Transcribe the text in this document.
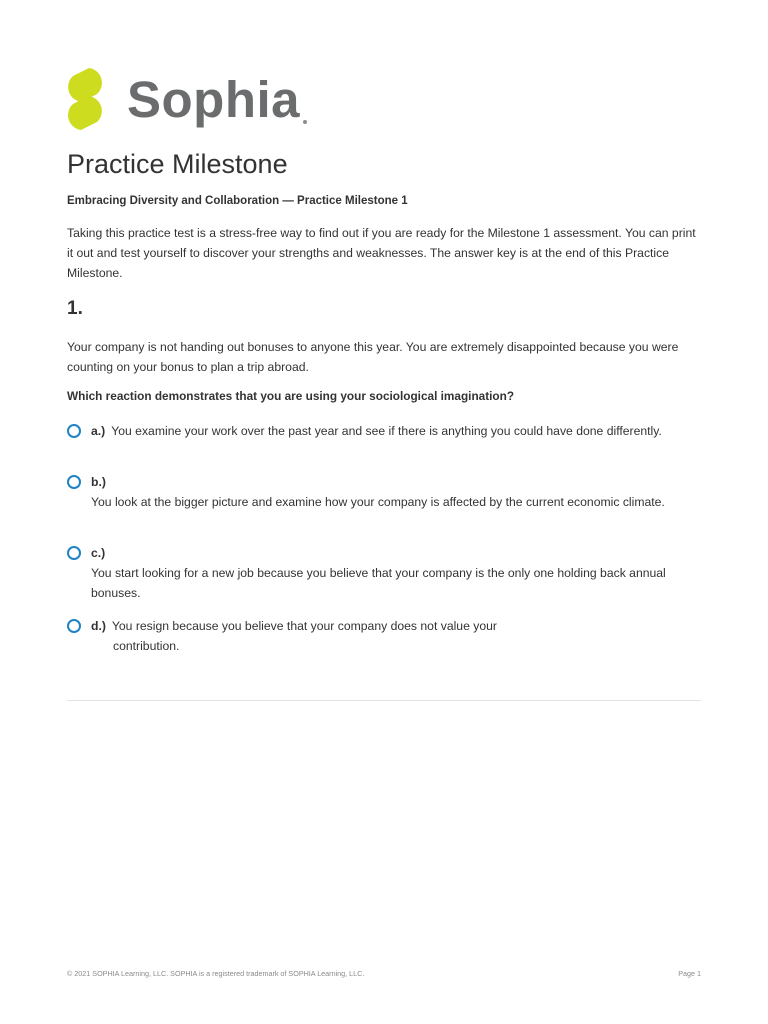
Sophia
Practice Milestone
Embracing Diversity and Collaboration — Practice Milestone 1
Taking this practice test is a stress-free way to find out if you are ready for the Milestone 1 assessment. You can print it out and test yourself to discover your strengths and weaknesses. The answer key is at the end of this Practice Milestone.
1.
Your company is not handing out bonuses to anyone this year. You are extremely disappointed because you were counting on your bonus to plan a trip abroad.
Which reaction demonstrates that you are using your sociological imagination?
a.) You examine your work over the past year and see if there is anything you could have done differently.
b.)
You look at the bigger picture and examine how your company is affected by the current economic climate.
c.)
You start looking for a new job because you believe that your company is the only one holding back annual bonuses.
d.) You resign because you believe that your company does not value your contribution.
© 2021 SOPHIA Learning, LLC. SOPHIA is a registered trademark of SOPHIA Learning, LLC.	Page 1
